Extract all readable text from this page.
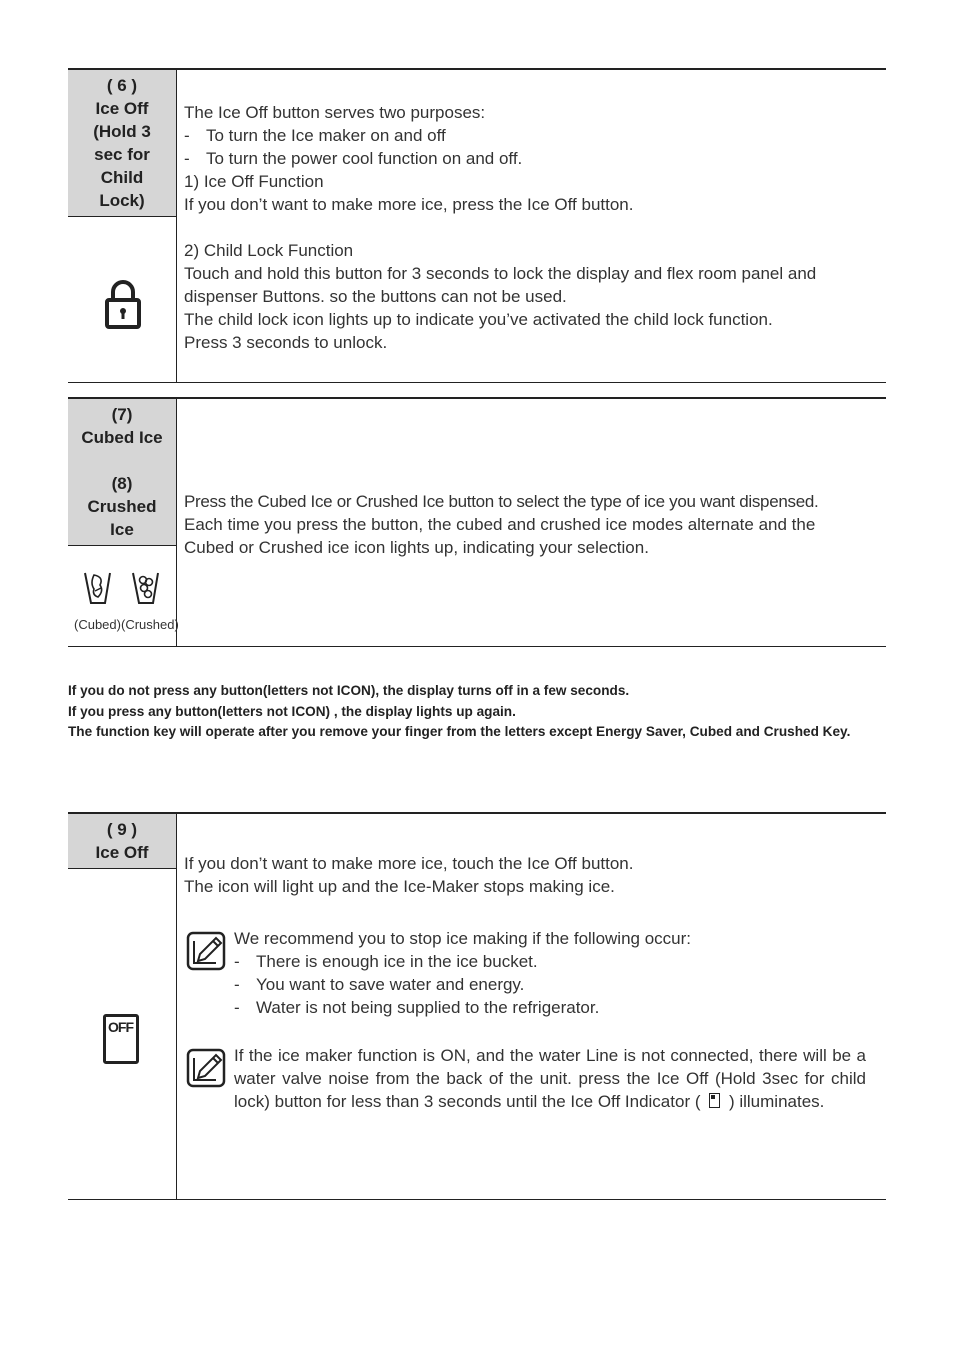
( 6 )
Ice Off
(Hold 3
sec for
Child
Lock)

The Ice Off button serves two purposes:

- To turn the Ice maker on and off

- To turn the power cool function on and off.

1) Ice Off Function

If you don’t want to make more ice, press the Ice Off button.

2) Child Lock Function

Touch and hold this button for 3 seconds to lock the display and flex room panel and

dispenser Buttons. so the buttons can not be used.

The child lock icon lights up to indicate you’ve activated the child lock function.

Press 3 seconds to unlock.

(7)
Cubed Ice
(8)
Crushed
Ice
(Cubed) (Crushed)

Press the Cubed Ice or Crushed Ice button to select the type of ice you want dispensed.

Each time you press the button, the cubed and crushed ice modes alternate and the

Cubed or Crushed ice icon lights up, indicating your selection.

If you do not press any button(letters not ICON), the display turns off in a few seconds.

If you press any button(letters not ICON) , the display lights up again.

The function key will operate after you remove your finger from the letters except Energy Saver, Cubed and Crushed Key.

( 9 )
Ice Off
OFF

If you don’t want to make more ice, touch the Ice Off button.

The icon will light up and the Ice-Maker stops making ice.

We recommend you to stop ice making if the following occur:

- There is enough ice in the ice bucket.

- You want to save water and energy.

- Water is not being supplied to the refrigerator.

If the ice maker function is ON, and the water Line is not connected, there will be a water valve noise from the back of the unit. press the Ice Off (Hold 3sec for child lock) button for less than 3 seconds until the Ice Off Indicator ( ) illuminates.
